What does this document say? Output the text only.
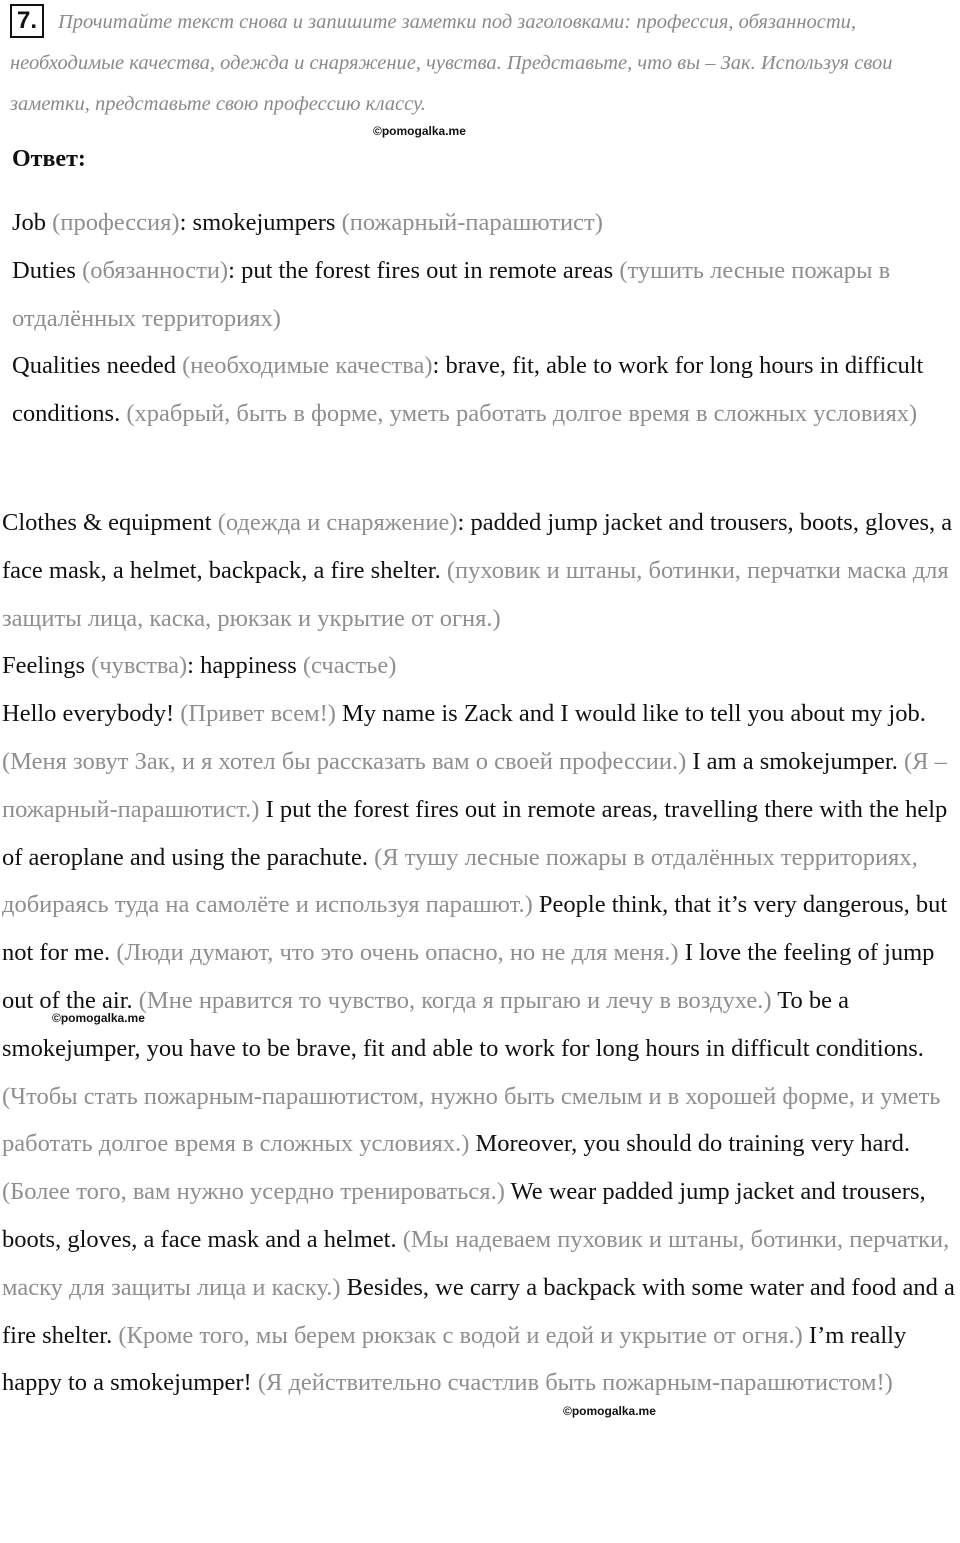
7.	Прочитайте текст снова и запишите заметки под заголовками: профессия, обязанности, необходимые качества, одежда и снаряжение, чувства. Представьте, что вы – Зак. Используя свои заметки, представьте свою профессию классу.

©pomogalka.me
Ответ:

Job (профессия): smokejumpers (пожарный-парашютист)

Duties (обязанности): put the forest fires out in remote areas (тушить лесные пожары в отдалённых территориях)

Qualities needed (необходимые качества): brave, fit, able to work for long hours in difficult conditions. (храбрый, быть в форме, уметь работать долгое время в сложных условиях)

Clothes & equipment (одежда и снаряжение): padded jump jacket and trousers, boots, gloves, a face mask, a helmet, backpack, a fire shelter. (пуховик и штаны, ботинки, перчатки маска для защиты лица, каска, рюкзак и укрытие от огня.)

Feelings (чувства): happiness (счастье)

Hello everybody! (Привет всем!) My name is Zack and I would like to tell you about my job. (Меня зовут Зак, и я хотел бы рассказать вам о своей профессии.) I am a smokejumper. (Я – пожарный-парашютист.) I put the forest fires out in remote areas, travelling there with the help of aeroplane and using the parachute. (Я тушу лесные пожары в отдалённых территориях, добираясь туда на самолёте и используя парашют.) People think, that it’s very dangerous, but not for me. (Люди думают, что это очень опасно, но не для меня.) I love the feeling of jump out of the air. (Мне нравится то чувство, когда я прыгаю и лечу в воздухе.) To be a smokejumper, you have to be brave, fit and able to work for long hours in difficult conditions. (Чтобы стать пожарным-парашютистом, нужно быть смелым и в хорошей форме, и уметь работать долгое время в сложных условиях.) Moreover, you should do training very hard. (Более того, вам нужно усердно тренироваться.) We wear padded jump jacket and trousers, boots, gloves, a face mask and a helmet. (Мы надеваем пуховик и штаны, ботинки, перчатки, маску для защиты лица и каску.) Besides, we carry a backpack with some water and food and a fire shelter. (Кроме того, мы берем рюкзак с водой и едой и укрытие от огня.) I’m really happy to a smokejumper! (Я действительно счастлив быть пожарным-парашютистом!)

©pomogalka.me
©pomogalka.me
